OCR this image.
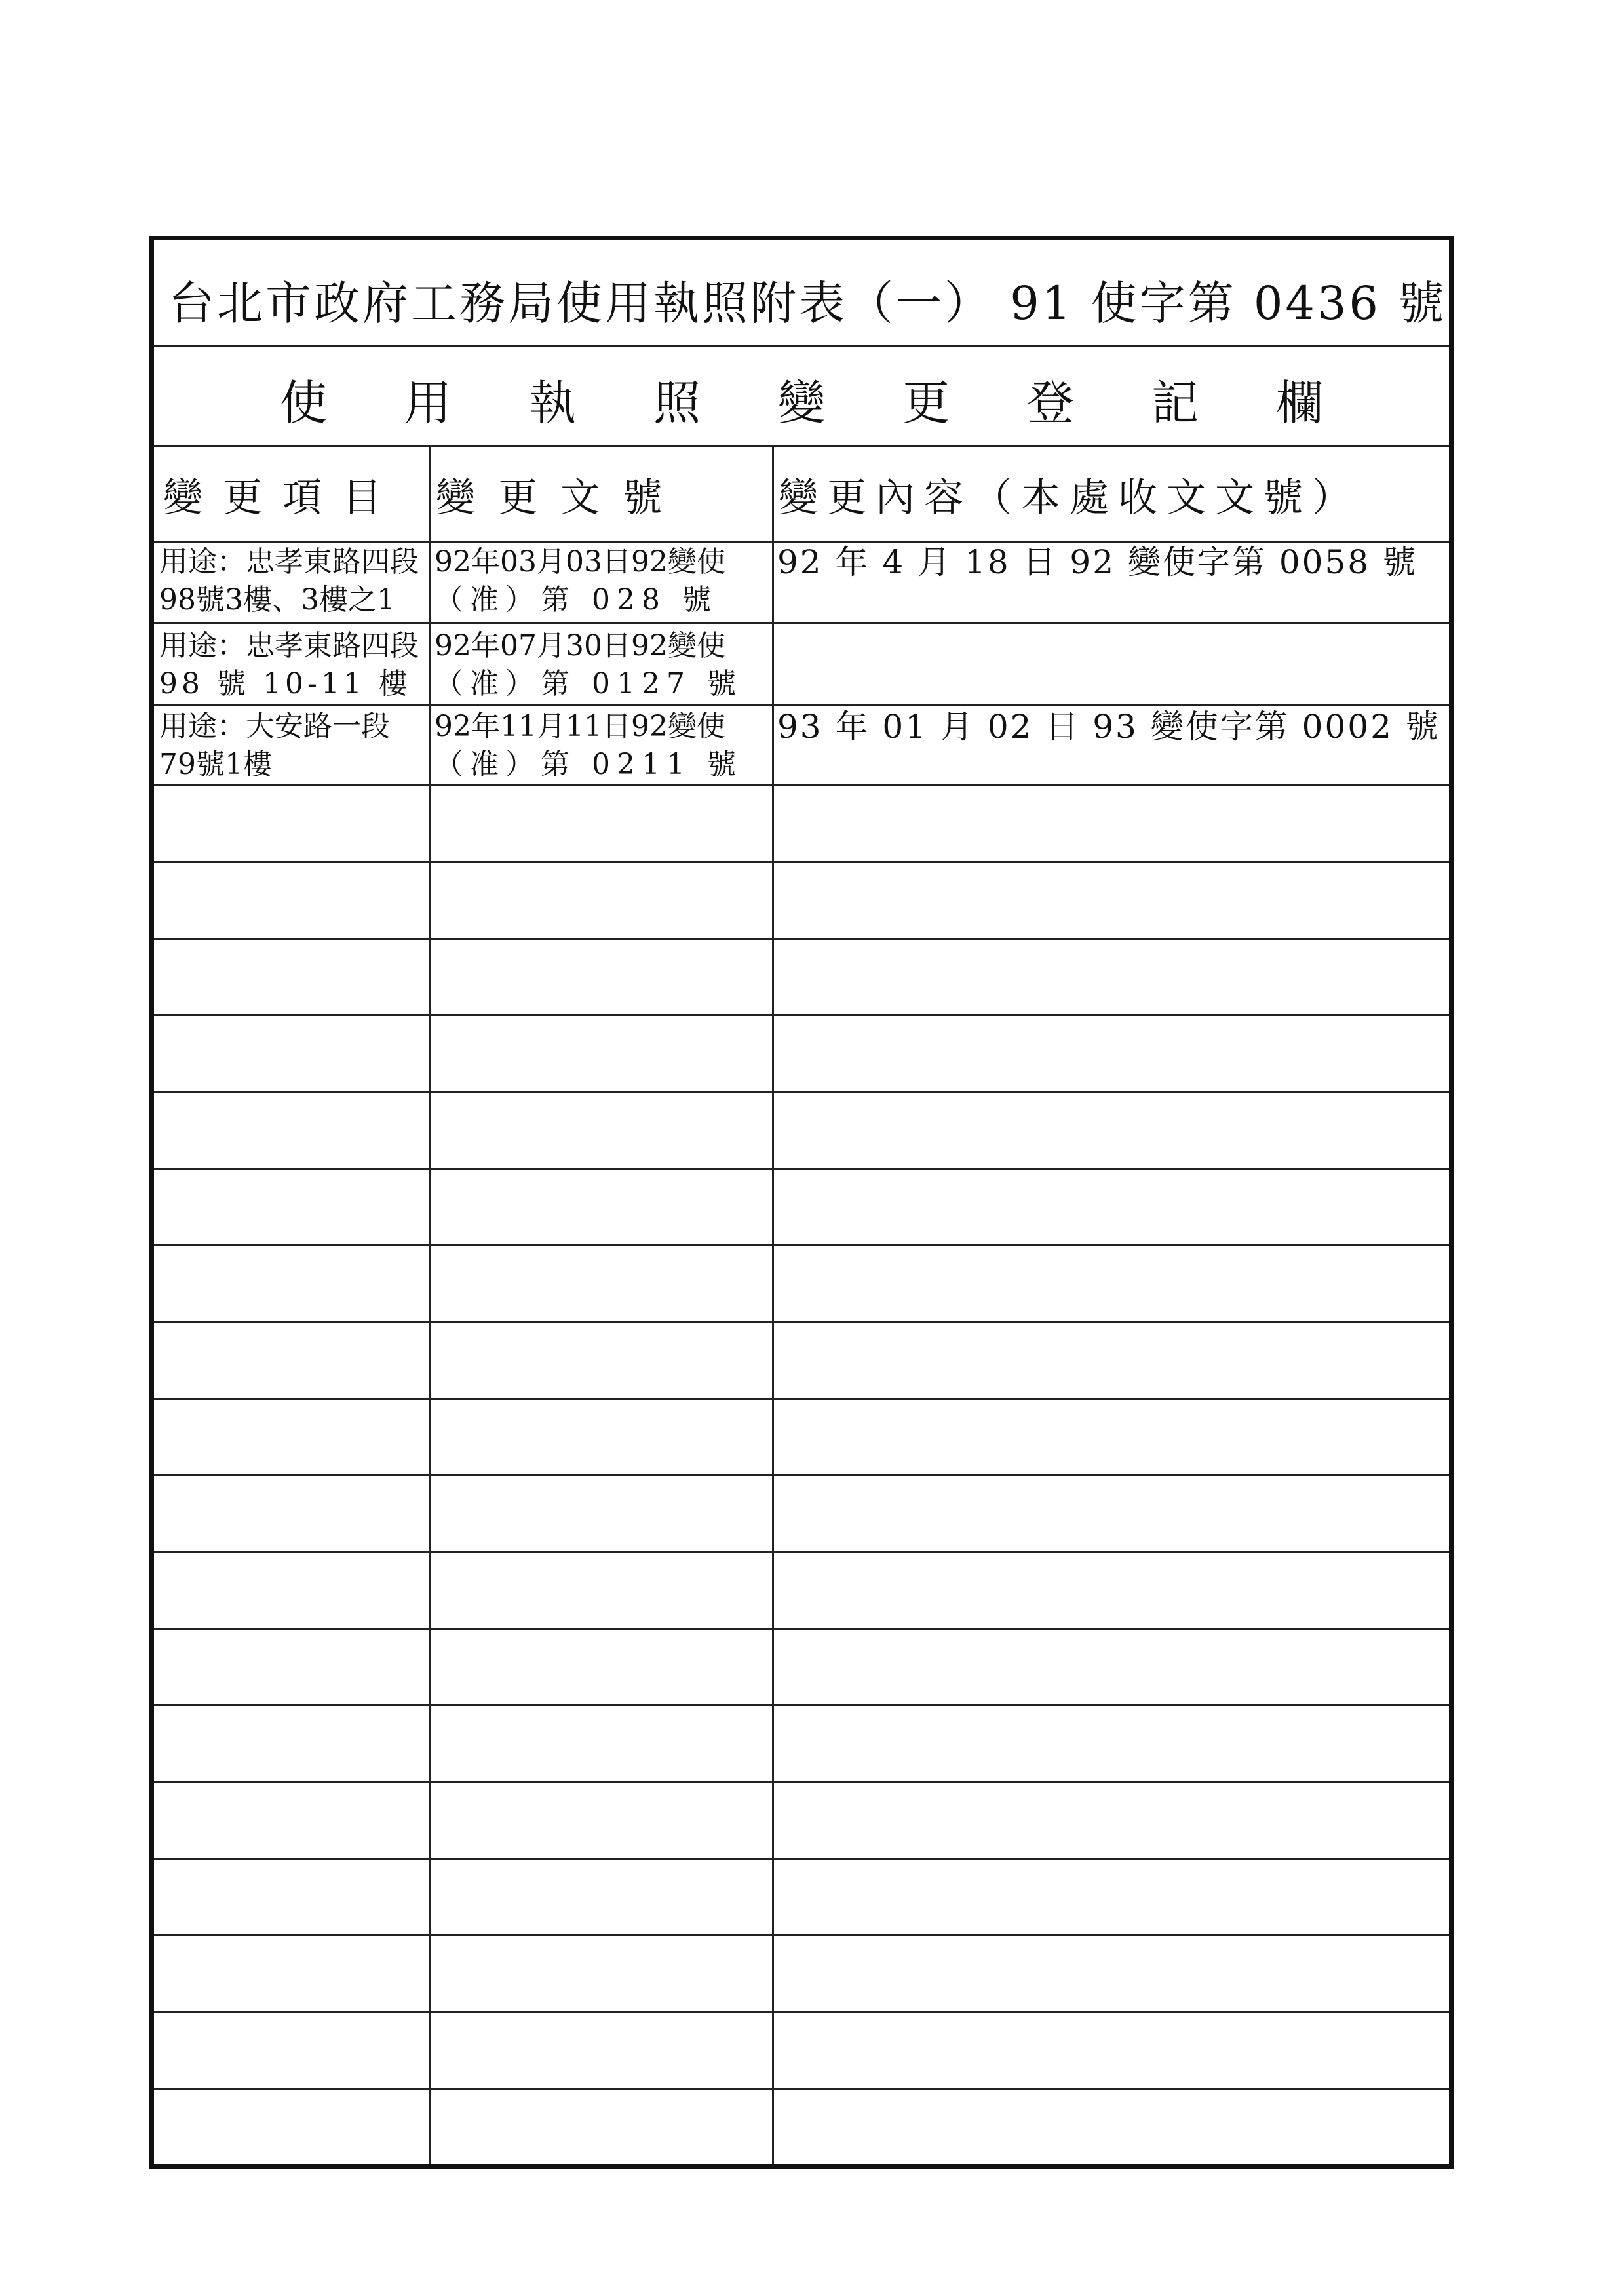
台北市政府工務局使用執照附表（一） 91 使字第 0436 號
使用執照變更登記欄
變 更 項 目	變 更 文 號	變更內容（本處收文文號）
用途：忠孝東路四段
98號3樓、3樓之1
92年03月03日92變使
（准）第 028 號
92 年 4 月 18 日 92 變使字第 0058 號
用途：忠孝東路四段
98 號 10-11 樓
92年07月30日92變使
（准）第 0127 號
用途：大安路一段
79號1樓
92年11月11日92變使
（准）第 0211 號
93 年 01 月 02 日 93 變使字第 0002 號
